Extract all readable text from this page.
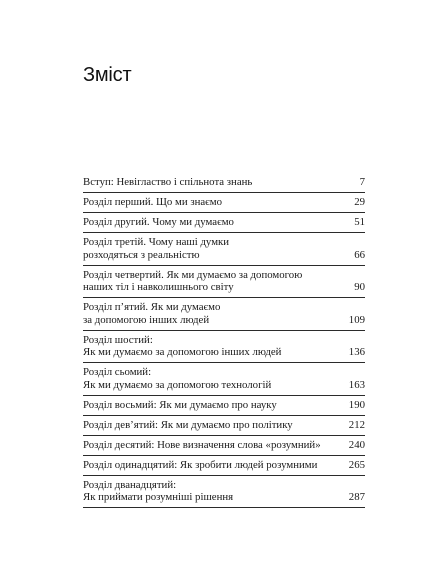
Зміст
Вступ: Невігластво і спільнота знань	7
Розділ перший. Що ми знаємо	29
Розділ другий. Чому ми думаємо	51
Розділ третій. Чому наші думки
розходяться з реальністю	66
Розділ четвертий. Як ми думаємо за допомогою
наших тіл і навколишнього світу	90
Розділ п’ятий. Як ми думаємо
за допомогою інших людей	109
Розділ шостий:
Як ми думаємо за допомогою інших людей	136
Розділ сьомий:
Як ми думаємо за допомогою технологій	163
Розділ восьмий: Як ми думаємо про науку	190
Розділ дев’ятий: Як ми думаємо про політику	212
Розділ десятий: Нове визначення слова «розумний»	240
Розділ одинадцятий: Як зробити людей розумними	265
Розділ дванадцятий:
Як приймати розумніші рішення	287
